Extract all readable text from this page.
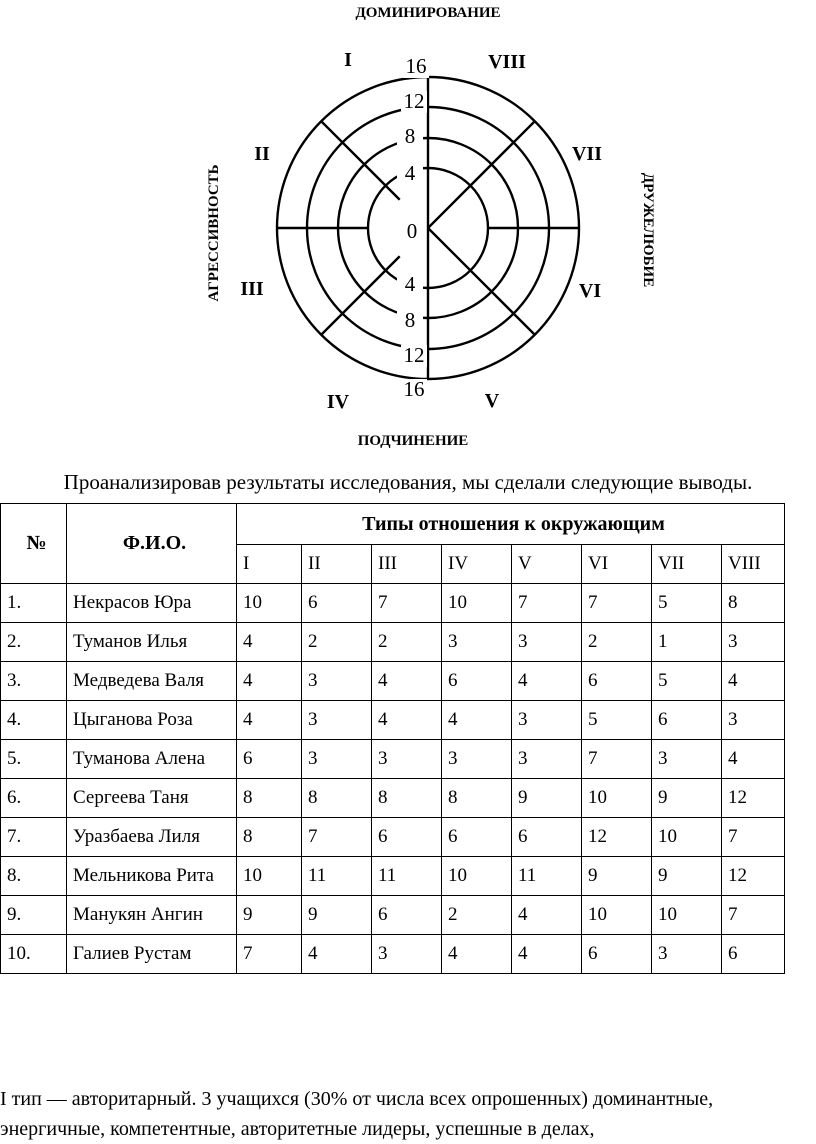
ДОМИНИРОВАНИЕ
ПОДЧИНЕНИЕ
АГРЕССИВНОСТЬ	ДРУЖЕЛЮБИЕ
I
II
III
IV	V
VI
VII
VIII
16
12
8
4
0
4
8
12
16
Проанализировав результаты исследования, мы сделали следующие выводы.
№	Ф.И.О.	Типы отношения к окружающим							
		I	II	III	IV	V	VI	VII	VIII
1.	Некрасов Юра	10	6	7	10	7	7	5	8
2.	Туманов Илья	4	2	2	3	3	2	1	3
3.	Медведева Валя	4	3	4	6	4	6	5	4
4.	Цыганова Роза	4	3	4	4	3	5	6	3
5.	Туманова Алена	6	3	3	3	3	7	3	4
6.	Сергеева Таня	8	8	8	8	9	10	9	12
7.	Уразбаева Лиля	8	7	6	6	6	12	10	7
8.	Мельникова Рита	10	11	11	10	11	9	9	12
9.	Манукян Ангин	9	9	6	2	4	10	10	7
10.	Галиев Рустам	7	4	3	4	4	6	3	6
I тип — авторитарный. 3 учащихся (30% от числа всех опрошенных) доминантные, энергичные, компетентные, авторитетные лидеры, успешные в делах,
